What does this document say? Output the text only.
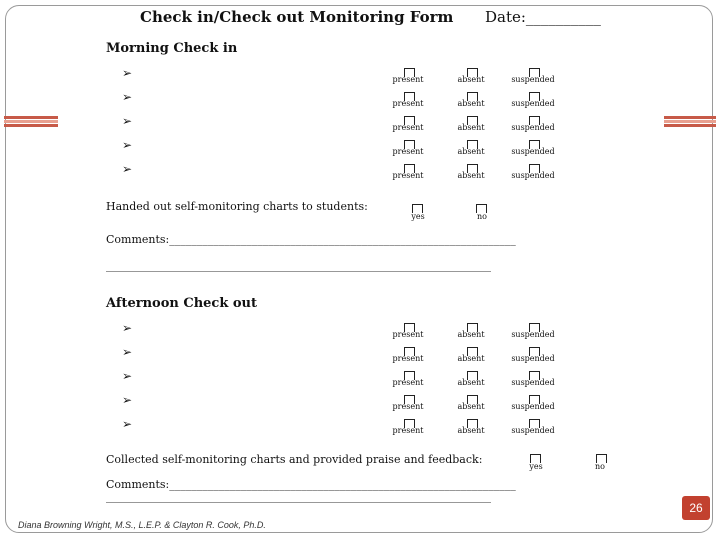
Check in/Check out Monitoring Form Date:__________
Morning Check in
➢	present	absent	suspended
➢	present	absent	suspended
➢	present	absent	suspended
➢	present	absent	suspended
➢	present	absent	suspended
Handed out self-monitoring charts to students:
yes	no
Comments:_______________________________________________________________
______________________________________________________________________
Afternoon Check out
➢	present	absent	suspended
➢	present	absent	suspended
➢	present	absent	suspended
➢	present	absent	suspended
➢	present	absent	suspended
Collected self-monitoring charts and provided praise and feedback:
yes	no
Comments:_______________________________________________________________
______________________________________________________________________
Diana Browning Wright, M.S., L.E.P. & Clayton R. Cook, Ph.D.
26
